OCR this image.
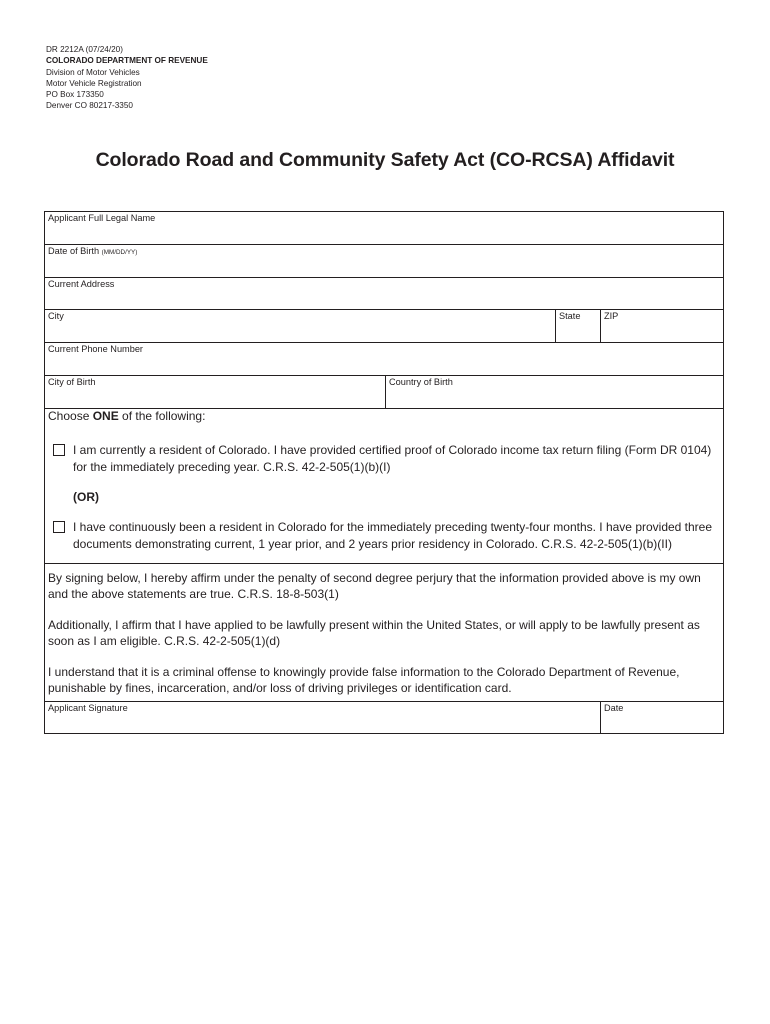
DR 2212A (07/24/20)
COLORADO DEPARTMENT OF REVENUE
Division of Motor Vehicles
Motor Vehicle Registration
PO Box 173350
Denver CO 80217-3350
Colorado Road and Community Safety Act (CO-RCSA) Affidavit
Applicant Full Legal Name
Date of Birth (MM/DD/YY)
Current Address
City	State	ZIP
Current Phone Number
City of Birth	Country of Birth
Choose ONE of the following:
I am currently a resident of Colorado. I have provided certified proof of Colorado income tax return filing (Form DR 0104) for the immediately preceding year. C.R.S. 42-2-505(1)(b)(I)
(OR)
I have continuously been a resident in Colorado for the immediately preceding twenty-four months. I have provided three documents demonstrating current, 1 year prior, and 2 years prior residency in Colorado. C.R.S. 42-2-505(1)(b)(II)
By signing below, I hereby affirm under the penalty of second degree perjury that the information provided above is my own and the above statements are true. C.R.S. 18-8-503(1)
Additionally, I affirm that I have applied to be lawfully present within the United States, or will apply to be lawfully present as soon as I am eligible. C.R.S. 42-2-505(1)(d)
I understand that it is a criminal offense to knowingly provide false information to the Colorado Department of Revenue, punishable by fines, incarceration, and/or loss of driving privileges or identification card.
Applicant Signature	Date
